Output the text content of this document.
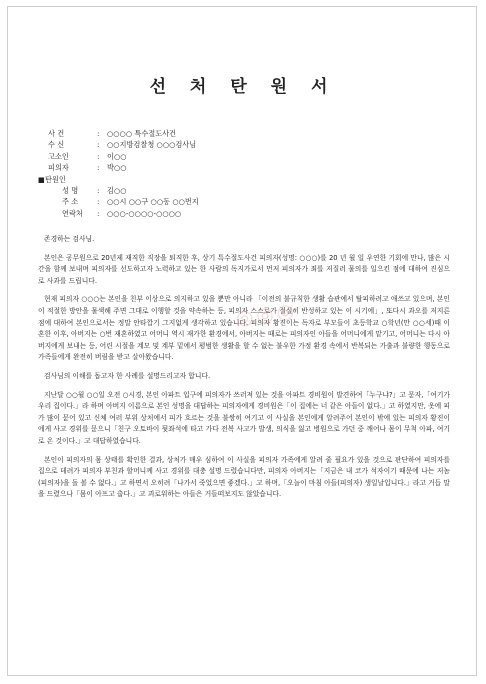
선 처 탄 원 서
사 건	: ○○○○ 특수절도사건
수 신	: ○○지방검찰청 ○○○검사님
고소인	: 이○○
피의자	: 박○○
■탄원인
성 명	: 김○○
주 소	: ○○시 ○○구 ○○동 ○○번지
연락처 : ○○○-○○○○-○○○○

존경하는 검사님.

본인은 공무원으로 20년제 재직한 직장을 퇴직한 후, 상기 특수절도사건 피의자(성명: ○○○)를 20 년 월 일 우연한 기회에 만나, 많은 시간을 함께 보내며 피의자를 선도하고자 노력하고 있는 한 사람의 독지가로서 먼저 피의자가 죄를 저질러 물의를 일으킨 점에 대하여 진심으로 사과를 드립니다.

현재 피의자 ○○○는 본인을 친부 이상으로 의지하고 있을 뿐만 아니라 「이전의 불규칙한 생활 습관에서 탈피하려고 애쓰고 있으며, 본인이 적절한 방안을 물색해 주면 그대로 이행할 것을 약속하는 등, 피의자 스스로가 절실히 반성하고 있는 이 시기에」, 또다시 과오를 저지른 점에 대하여 본인으로서는 정말 안타깝기 그지없게 생각하고 있습니다. 피의자 황진이는 독자로 부모들이 초등학교 ○학년(만 ○○세)때 이혼한 이후, 아버지는 ○번 재혼하였고 어머니 역시 재가한 환경에서, 아버지는 때로는 피의자인 아들을 어머니에게 맡기고, 어머니는 다시 아버지에게 보내는 등, 어린 시절을 계모 및 계부 밑에서 평범한 생활을 할 수 없는 불우한 가정 환경 속에서 반복되는 가출과 불량한 행동으로 가족들에게 완전히 버림을 받고 살아왔습니다.

검사님의 이해를 돕고자 한 사례를 설명드리고자 합니다.

지난달 ○○월 ○○일 오전 ○시경, 본인 아파트 입구에 피의자가 쓰러져 있는 것을 아파트 경비원이 발견하여「누구냐?」고 묻자,「여기가 우리 집이다.」라 하며 아버지 이름으로 본인 성명을 대답하는 피의자에게 경비원은「이 집에는 너 같은 아들이 없다.」고 하였지만, 옷에 피가 많이 묻어 있고 신체 여러 부위 상처에서 피가 흐르는 것을 불쌍히 여기고 이 사실을 본인에게 알려주어 본인이 밖에 있는 피의자 황진이에게 사고 경위를 묻으니「친구 오토바이 뒷좌석에 타고 가다 전복 사고가 발생, 의식을 잃고 병원으로 가던 중 깨어나 몸이 무척 아파, 여기로 온 것이다.」고 대답하였습니다.

본인이 피의자의 몸 상태를 확인한 결과, 상처가 매우 심하여 이 사실을 피의자 가족에게 알려 줄 필요가 있을 것으로 판단하여 피의자를 집으로 데려가 피의자 부친과 할머니께 사고 경위를 대충 설명 드렸습니다만, 피의자 아버지는「지금은 내 코가 석자이기 때문에 나는 저놈(피의자)을 돌 볼 수 없다.」고 하면서 오히려「나가서 죽었으면 좋겠다.」고 하며,「오늘이 마침 아들(피의자) 생일날입니다.」라고 거듭 말을 드렸으나「몸이 아프고 춥다.」고 괴로워하는 아들은 거들떠보지도 않았습니다.

◎◎◎
